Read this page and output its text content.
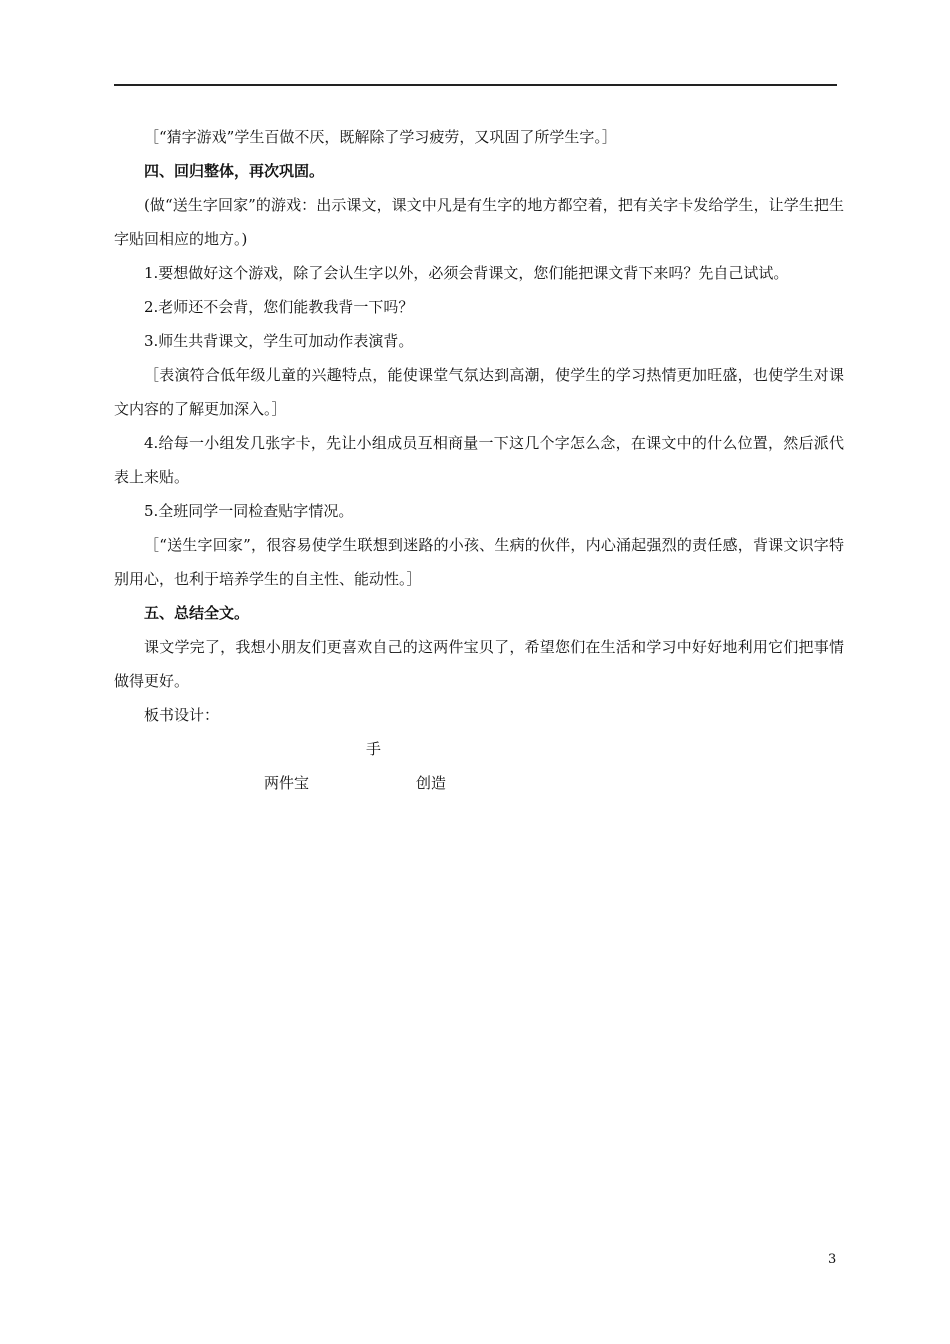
［“猜字游戏”学生百做不厌，既解除了学习疲劳，又巩固了所学生字。］

四、回归整体，再次巩固。

(做“送生字回家”的游戏：出示课文，课文中凡是有生字的地方都空着，把有关字卡发给学生，让学生把生字贴回相应的地方。)

1.要想做好这个游戏，除了会认生字以外，必须会背课文，您们能把课文背下来吗？先自己试试。

2.老师还不会背，您们能教我背一下吗？

3.师生共背课文，学生可加动作表演背。

［表演符合低年级儿童的兴趣特点，能使课堂气氛达到高潮，使学生的学习热情更加旺盛，也使学生对课文内容的了解更加深入。］

4.给每一小组发几张字卡，先让小组成员互相商量一下这几个字怎么念，在课文中的什么位置，然后派代表上来贴。

5.全班同学一同检查贴字情况。

［“送生字回家”，很容易使学生联想到迷路的小孩、生病的伙伴，内心涌起强烈的责任感，背课文识字特别用心，也利于培养学生的自主性、能动性。］

五、总结全文。

课文学完了，我想小朋友们更喜欢自己的这两件宝贝了，希望您们在生活和学习中好好地利用它们把事情做得更好。

板书设计：

手
两件宝	创造
3
